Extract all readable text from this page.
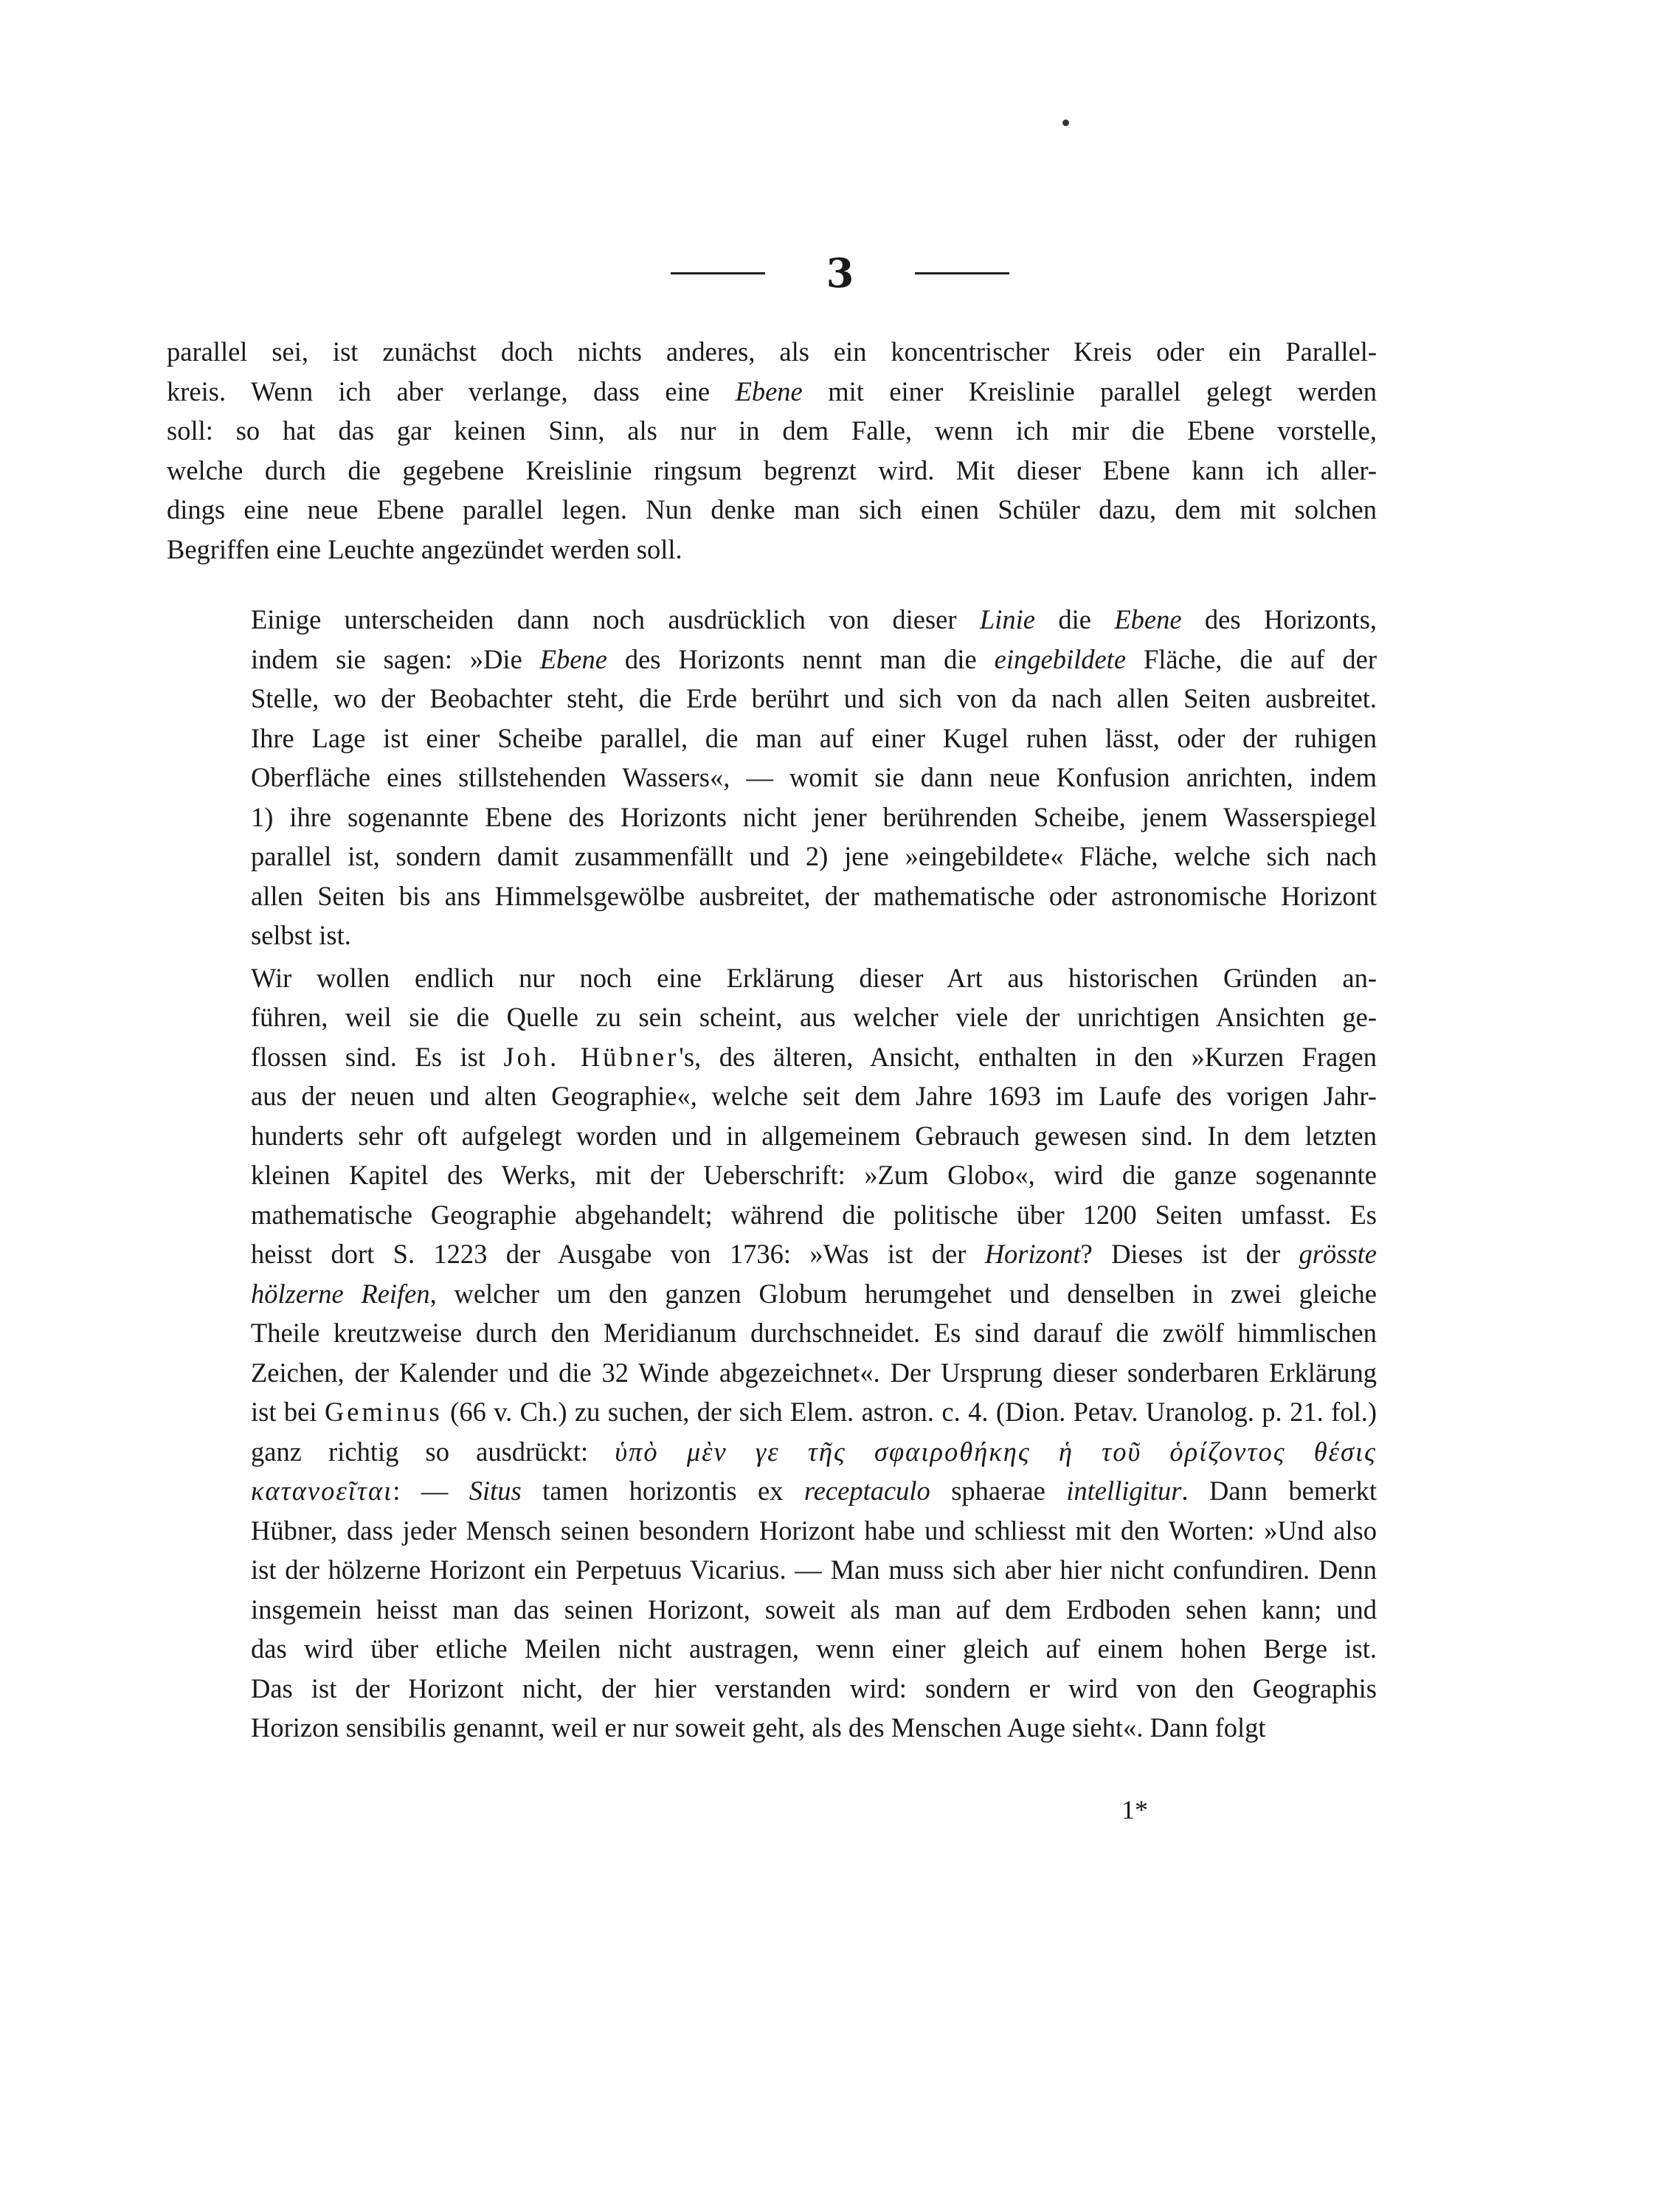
3
parallel sei, ist zunächst doch nichts anderes, als ein koncentrischer Kreis oder ein Parallel-
kreis. Wenn ich aber verlange, dass eine Ebene mit einer Kreislinie parallel gelegt werden
soll: so hat das gar keinen Sinn, als nur in dem Falle, wenn ich mir die Ebene vorstelle,
welche durch die gegebene Kreislinie ringsum begrenzt wird. Mit dieser Ebene kann ich aller-
dings eine neue Ebene parallel legen. Nun denke man sich einen Schüler dazu, dem mit solchen
Begriffen eine Leuchte angezündet werden soll.
Einige unterscheiden dann noch ausdrücklich von dieser Linie die Ebene des Horizonts,
indem sie sagen: »Die Ebene des Horizonts nennt man die eingebildete Fläche, die auf der
Stelle, wo der Beobachter steht, die Erde berührt und sich von da nach allen Seiten ausbreitet.
Ihre Lage ist einer Scheibe parallel, die man auf einer Kugel ruhen lässt, oder der ruhigen
Oberfläche eines stillstehenden Wassers«, — womit sie dann neue Konfusion anrichten, indem
1) ihre sogenannte Ebene des Horizonts nicht jener berührenden Scheibe, jenem Wasserspiegel
parallel ist, sondern damit zusammenfällt und 2) jene »eingebildete« Fläche, welche sich nach
allen Seiten bis ans Himmelsgewölbe ausbreitet, der mathematische oder astronomische Horizont
selbst ist.
Wir wollen endlich nur noch eine Erklärung dieser Art aus historischen Gründen an-
führen, weil sie die Quelle zu sein scheint, aus welcher viele der unrichtigen Ansichten ge-
flossen sind. Es ist Joh. Hübner's, des älteren, Ansicht, enthalten in den »Kurzen Fragen
aus der neuen und alten Geographie«, welche seit dem Jahre 1693 im Laufe des vorigen Jahr-
hunderts sehr oft aufgelegt worden und in allgemeinem Gebrauch gewesen sind. In dem letzten
kleinen Kapitel des Werks, mit der Ueberschrift: »Zum Globo«, wird die ganze sogenannte
mathematische Geographie abgehandelt; während die politische über 1200 Seiten umfasst. Es
heisst dort S. 1223 der Ausgabe von 1736: »Was ist der Horizont? Dieses ist der grösste
hölzerne Reifen, welcher um den ganzen Globum herumgehet und denselben in zwei gleiche
Theile kreutzweise durch den Meridianum durchschneidet. Es sind darauf die zwölf himmlischen
Zeichen, der Kalender und die 32 Winde abgezeichnet«. Der Ursprung dieser sonderbaren Erklärung
ist bei Geminus (66 v. Ch.) zu suchen, der sich Elem. astron. c. 4. (Dion. Petav. Uranolog. p. 21. fol.)
ganz richtig so ausdrückt: ὑπὸ μὲν γε τῆς σφαιροθήκης ἡ τοῦ ὁρίζοντος θέσις
κατανοεῖται: — Situs tamen horizontis ex receptaculo sphaerae intelligitur. Dann bemerkt
Hübner, dass jeder Mensch seinen besondern Horizont habe und schliesst mit den Worten: »Und also
ist der hölzerne Horizont ein Perpetuus Vicarius. — Man muss sich aber hier nicht confundiren. Denn
insgemein heisst man das seinen Horizont, soweit als man auf dem Erdboden sehen kann; und
das wird über etliche Meilen nicht austragen, wenn einer gleich auf einem hohen Berge ist.
Das ist der Horizont nicht, der hier verstanden wird: sondern er wird von den Geographis
Horizon sensibilis genannt, weil er nur soweit geht, als des Menschen Auge sieht«. Dann folgt
1*
